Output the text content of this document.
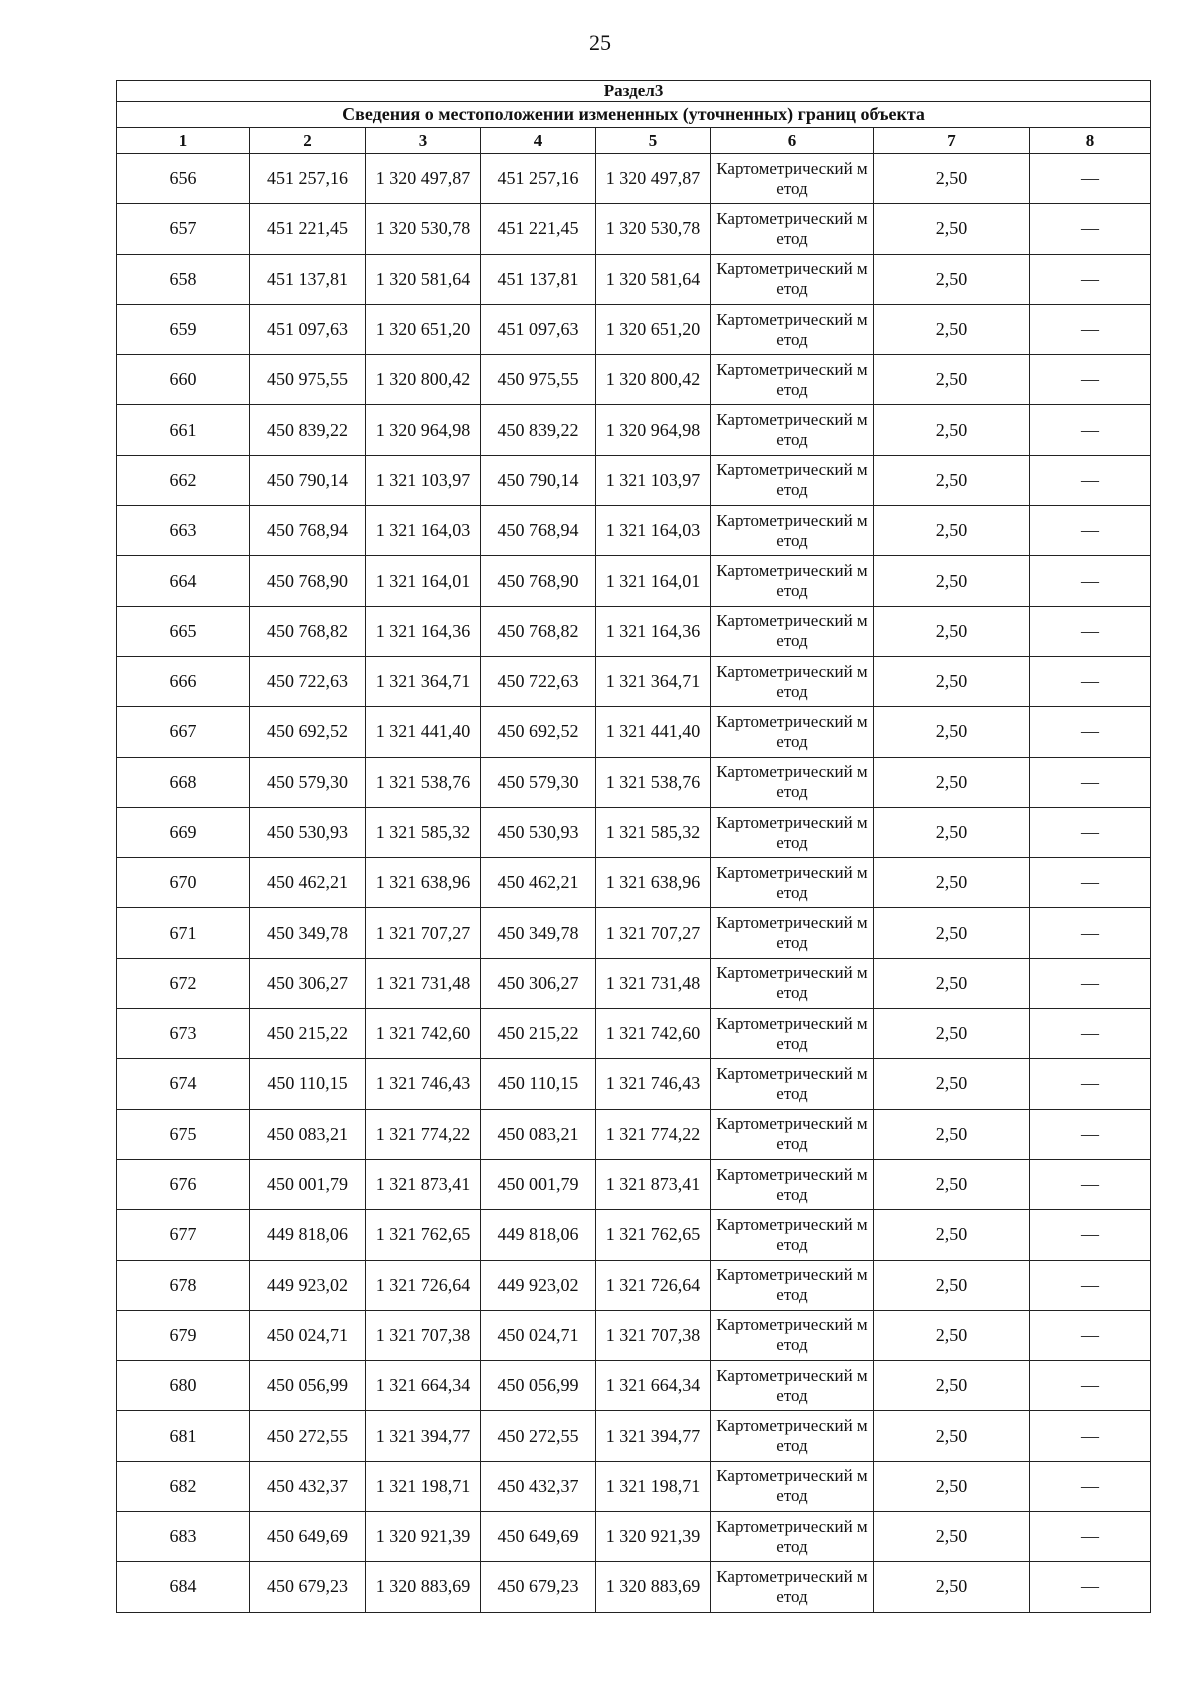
25
Раздел3							
Сведения о местоположении измененных (уточненных) границ объекта							
1	2	3	4	5	6	7	8
656	451 257,16	1 320 497,87	451 257,16	1 320 497,87	Картометрический метод	2,50	—
657	451 221,45	1 320 530,78	451 221,45	1 320 530,78	Картометрический метод	2,50	—
658	451 137,81	1 320 581,64	451 137,81	1 320 581,64	Картометрический метод	2,50	—
659	451 097,63	1 320 651,20	451 097,63	1 320 651,20	Картометрический метод	2,50	—
660	450 975,55	1 320 800,42	450 975,55	1 320 800,42	Картометрический метод	2,50	—
661	450 839,22	1 320 964,98	450 839,22	1 320 964,98	Картометрический метод	2,50	—
662	450 790,14	1 321 103,97	450 790,14	1 321 103,97	Картометрический метод	2,50	—
663	450 768,94	1 321 164,03	450 768,94	1 321 164,03	Картометрический метод	2,50	—
664	450 768,90	1 321 164,01	450 768,90	1 321 164,01	Картометрический метод	2,50	—
665	450 768,82	1 321 164,36	450 768,82	1 321 164,36	Картометрический метод	2,50	—
666	450 722,63	1 321 364,71	450 722,63	1 321 364,71	Картометрический метод	2,50	—
667	450 692,52	1 321 441,40	450 692,52	1 321 441,40	Картометрический метод	2,50	—
668	450 579,30	1 321 538,76	450 579,30	1 321 538,76	Картометрический метод	2,50	—
669	450 530,93	1 321 585,32	450 530,93	1 321 585,32	Картометрический метод	2,50	—
670	450 462,21	1 321 638,96	450 462,21	1 321 638,96	Картометрический метод	2,50	—
671	450 349,78	1 321 707,27	450 349,78	1 321 707,27	Картометрический метод	2,50	—
672	450 306,27	1 321 731,48	450 306,27	1 321 731,48	Картометрический метод	2,50	—
673	450 215,22	1 321 742,60	450 215,22	1 321 742,60	Картометрический метод	2,50	—
674	450 110,15	1 321 746,43	450 110,15	1 321 746,43	Картометрический метод	2,50	—
675	450 083,21	1 321 774,22	450 083,21	1 321 774,22	Картометрический метод	2,50	—
676	450 001,79	1 321 873,41	450 001,79	1 321 873,41	Картометрический метод	2,50	—
677	449 818,06	1 321 762,65	449 818,06	1 321 762,65	Картометрический метод	2,50	—
678	449 923,02	1 321 726,64	449 923,02	1 321 726,64	Картометрический метод	2,50	—
679	450 024,71	1 321 707,38	450 024,71	1 321 707,38	Картометрический метод	2,50	—
680	450 056,99	1 321 664,34	450 056,99	1 321 664,34	Картометрический метод	2,50	—
681	450 272,55	1 321 394,77	450 272,55	1 321 394,77	Картометрический метод	2,50	—
682	450 432,37	1 321 198,71	450 432,37	1 321 198,71	Картометрический метод	2,50	—
683	450 649,69	1 320 921,39	450 649,69	1 320 921,39	Картометрический метод	2,50	—
684	450 679,23	1 320 883,69	450 679,23	1 320 883,69	Картометрический метод	2,50	—
